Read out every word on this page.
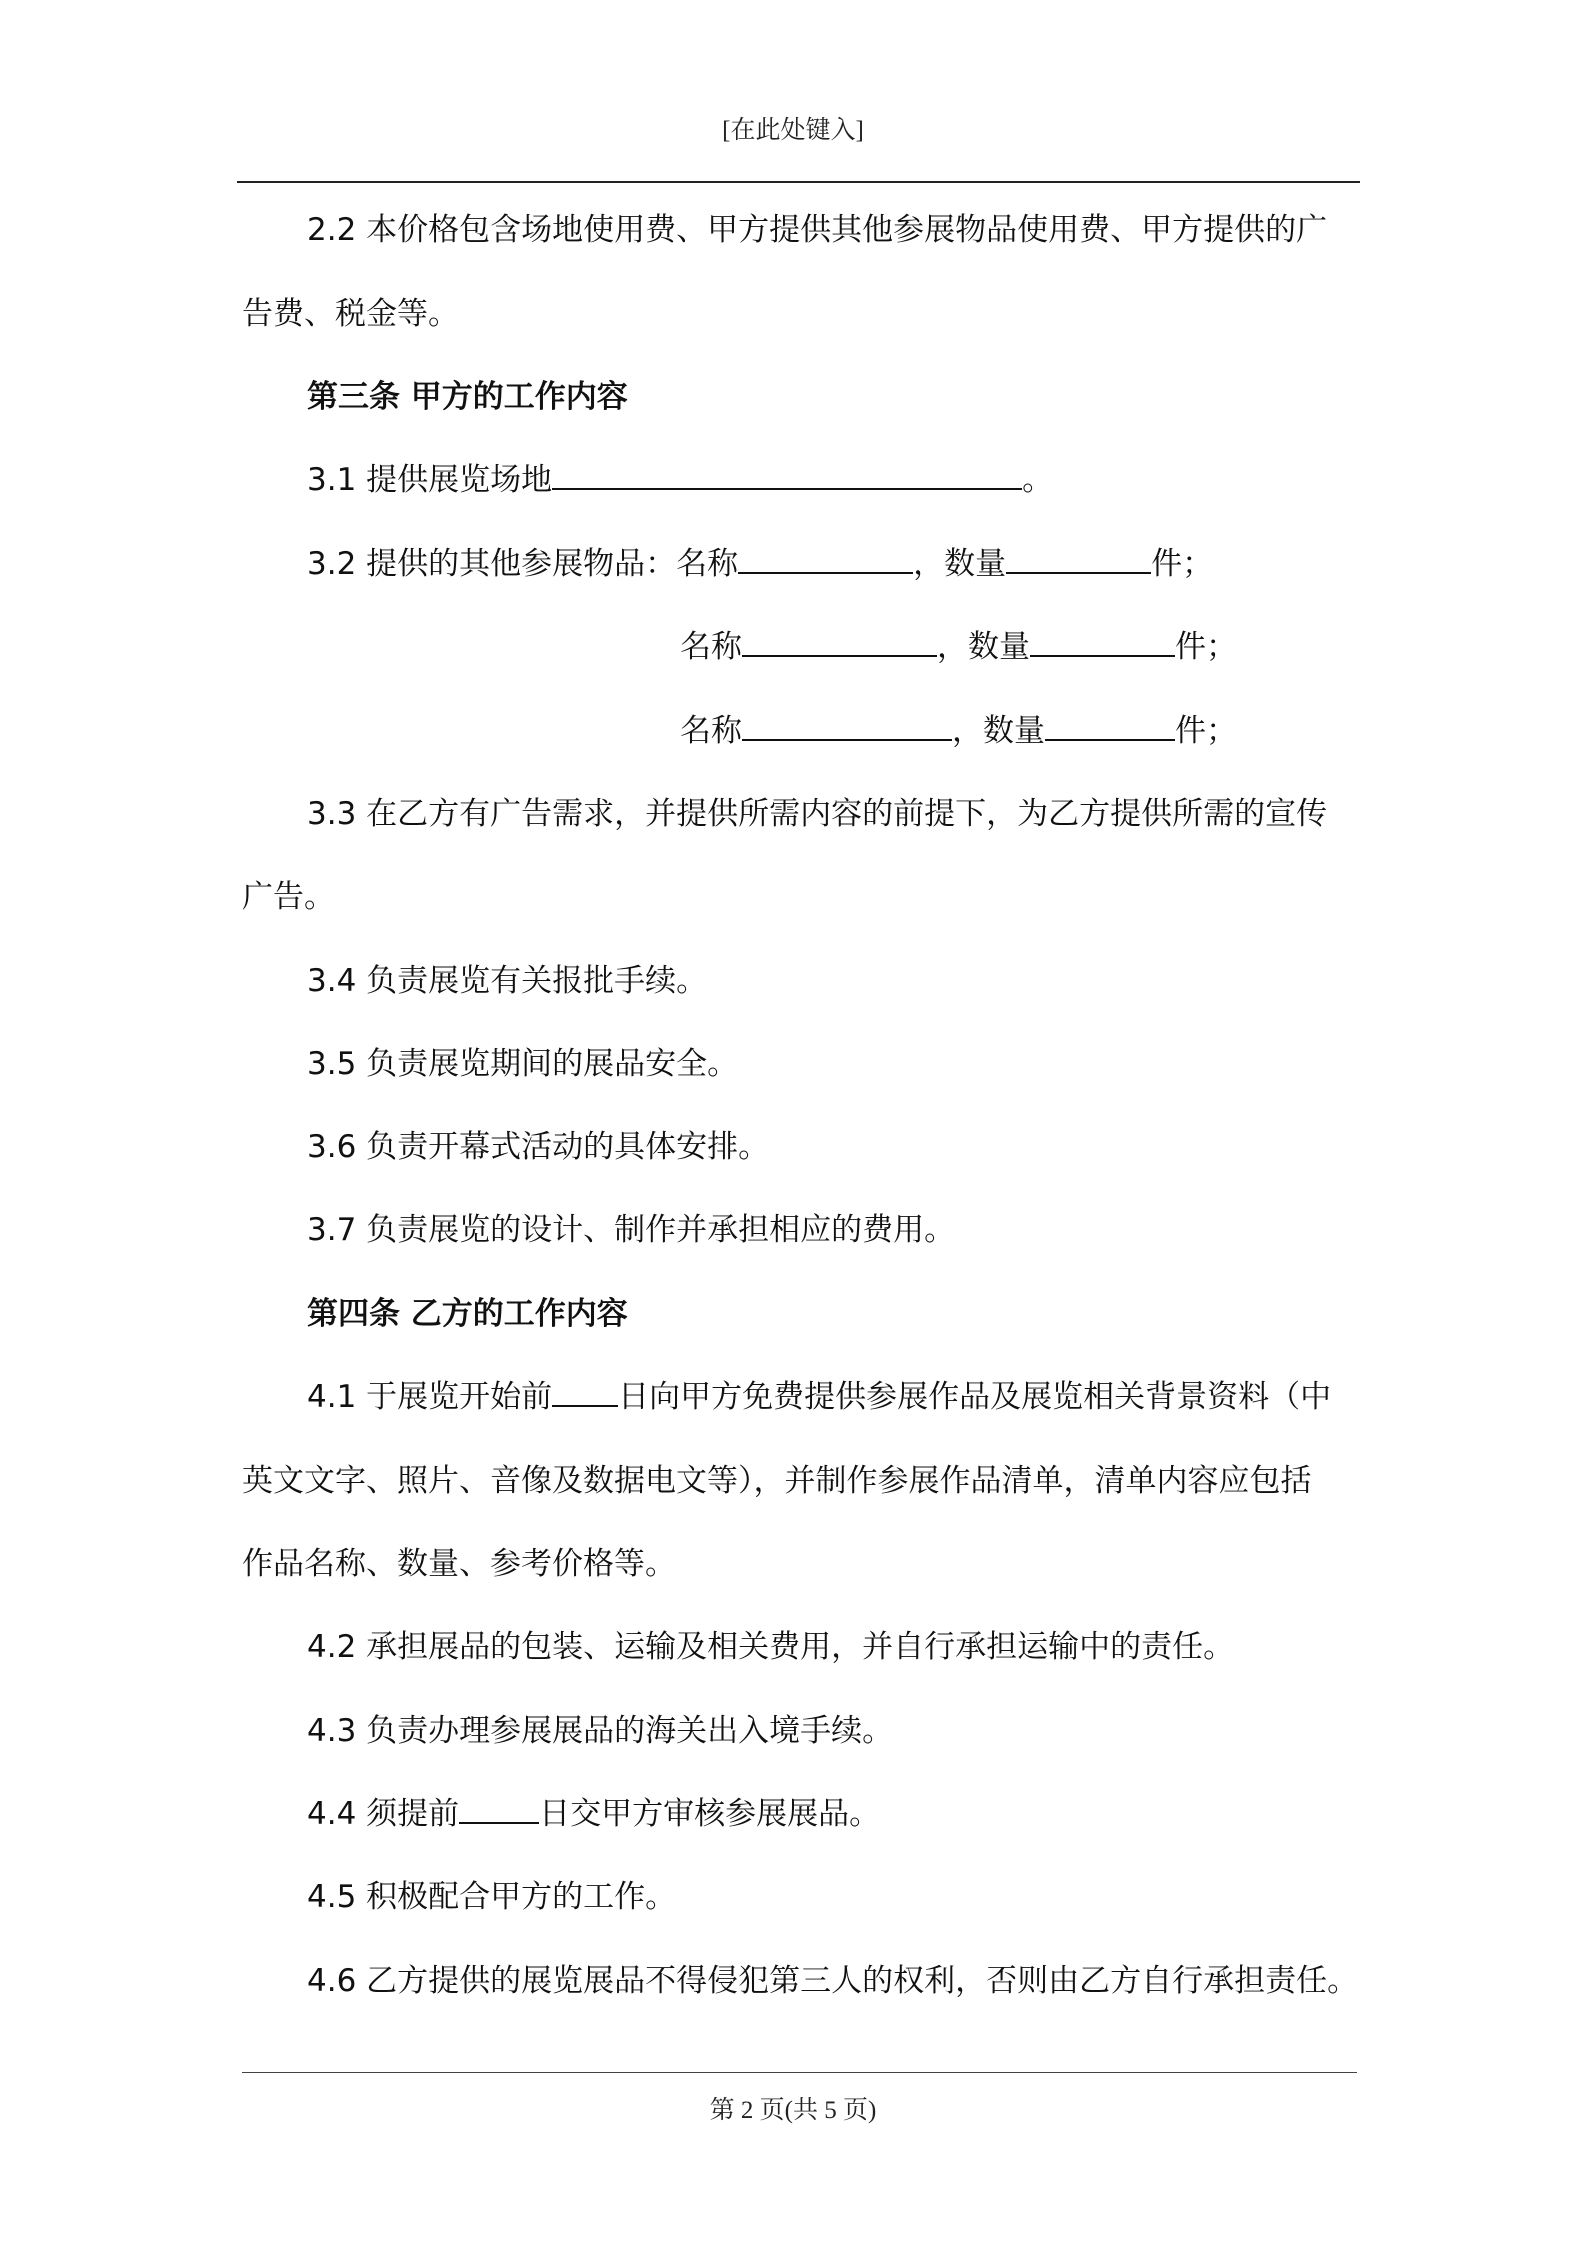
[在此处键入]
2.2 本价格包含场地使用费、甲方提供其他参展物品使用费、甲方提供的广
告费、税金等。
第三条 甲方的工作内容
3.1 提供展览场地	。
3.2 提供的其他参展物品：名称	，数量	件；
名称	，数量	件；
名称	，数量	件；
3.3 在乙方有广告需求，并提供所需内容的前提下，为乙方提供所需的宣传
广告。
3.4 负责展览有关报批手续。
3.5 负责展览期间的展品安全。
3.6 负责开幕式活动的具体安排。
3.7 负责展览的设计、制作并承担相应的费用。
第四条 乙方的工作内容
4.1 于展览开始前 日向甲方免费提供参展作品及展览相关背景资料（中
英文文字、照片、音像及数据电文等），并制作参展作品清单，清单内容应包括
作品名称、数量、参考价格等。
4.2 承担展品的包装、运输及相关费用，并自行承担运输中的责任。
4.3 负责办理参展展品的海关出入境手续。
4.4 须提前	日交甲方审核参展展品。
4.5 积极配合甲方的工作。
4.6 乙方提供的展览展品不得侵犯第三人的权利，否则由乙方自行承担责任。
第 2 页(共 5 页)
